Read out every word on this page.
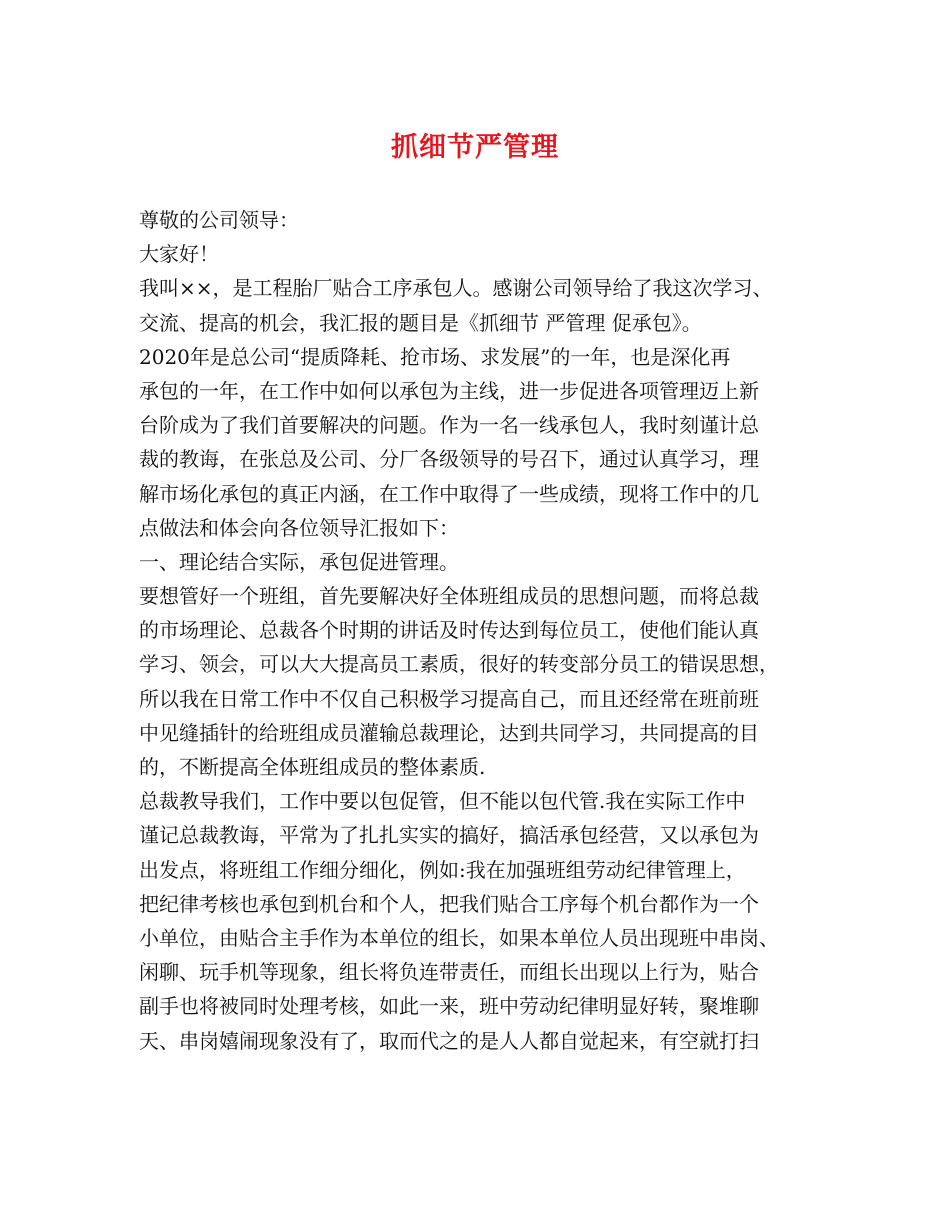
抓细节严管理
尊敬的公司领导：
大家好！
我叫××，是工程胎厂贴合工序承包人。感谢公司领导给了我这次学习、
交流、提高的机会，我汇报的题目是《抓细节 严管理 促承包》。
2020年是总公司“提质降耗、抢市场、求发展”的一年，也是深化再
承包的一年，在工作中如何以承包为主线，进一步促进各项管理迈上新
台阶成为了我们首要解决的问题。作为一名一线承包人，我时刻谨计总
裁的教诲，在张总及公司、分厂各级领导的号召下，通过认真学习，理
解市场化承包的真正内涵，在工作中取得了一些成绩，现将工作中的几
点做法和体会向各位领导汇报如下：
一、理论结合实际，承包促进管理。
要想管好一个班组，首先要解决好全体班组成员的思想问题，而将总裁
的市场理论、总裁各个时期的讲话及时传达到每位员工，使他们能认真
学习、领会，可以大大提高员工素质，很好的转变部分员工的错误思想，
所以我在日常工作中不仅自己积极学习提高自己，而且还经常在班前班
中见缝插针的给班组成员灌输总裁理论，达到共同学习，共同提高的目
的，不断提高全体班组成员的整体素质.
总裁教导我们，工作中要以包促管，但不能以包代管.我在实际工作中
谨记总裁教诲，平常为了扎扎实实的搞好，搞活承包经营，又以承包为
出发点，将班组工作细分细化，例如:我在加强班组劳动纪律管理上，
把纪律考核也承包到机台和个人，把我们贴合工序每个机台都作为一个
小单位，由贴合主手作为本单位的组长，如果本单位人员出现班中串岗、
闲聊、玩手机等现象，组长将负连带责任，而组长出现以上行为，贴合
副手也将被同时处理考核，如此一来，班中劳动纪律明显好转，聚堆聊
天、串岗嬉闹现象没有了，取而代之的是人人都自觉起来，有空就打扫
